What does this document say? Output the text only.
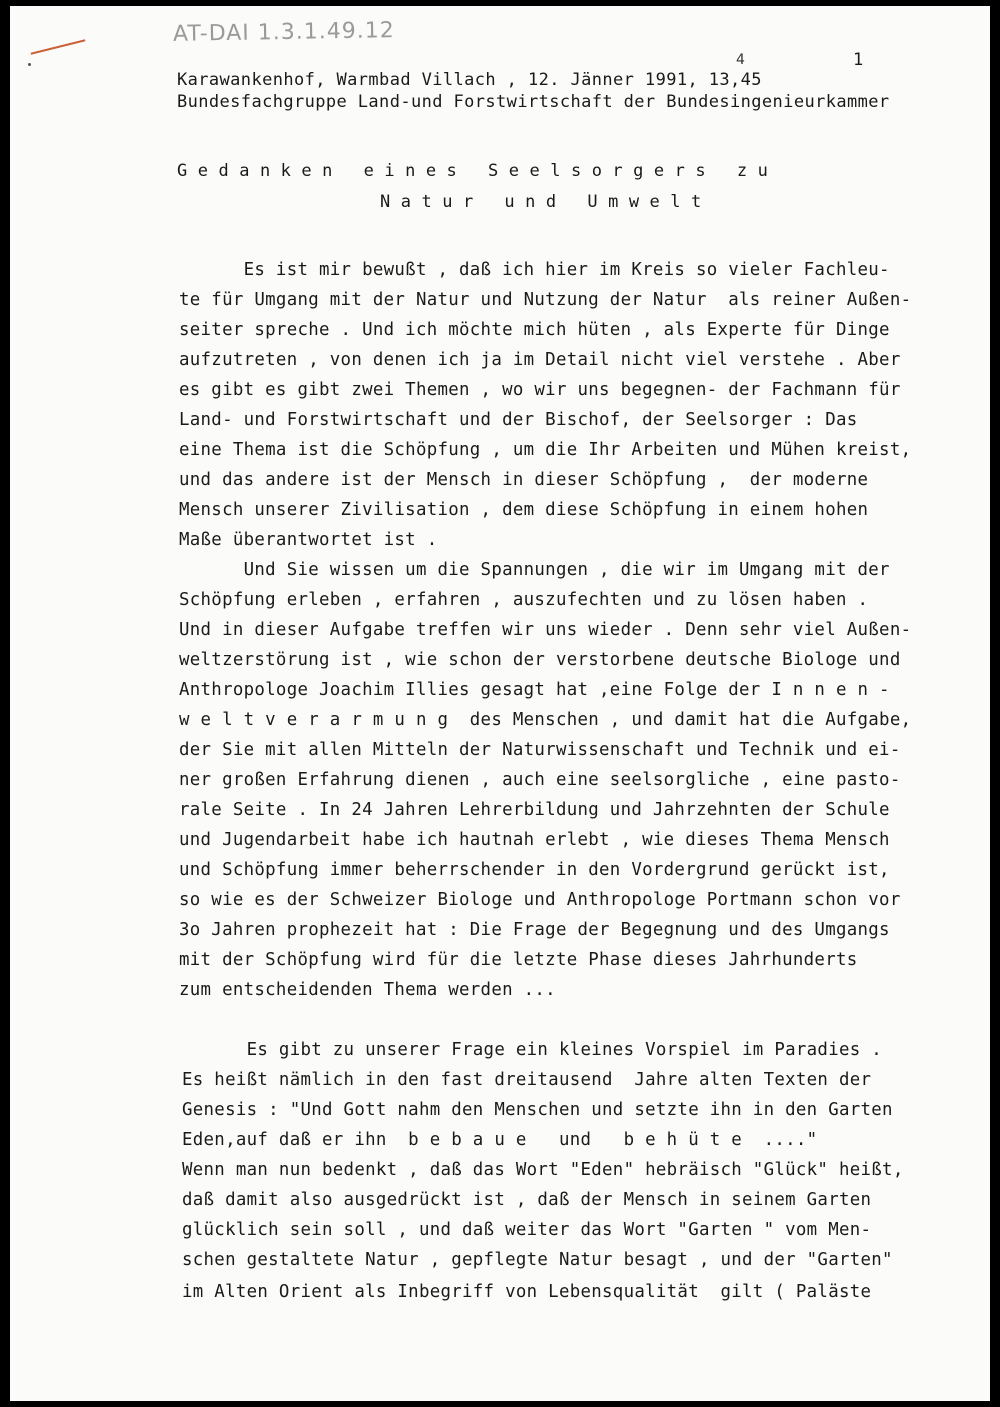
AT-DAI 1.3.1.49.12
1
4
Karawankenhof, Warmbad Villach , 12. Jänner 1991, 13,45
Bundesfachgruppe Land-und Forstwirtschaft der Bundesingenieurkammer
Gedanken eines Seelsorgers zu
Natur und Umwelt
Es ist mir bewußt , daß ich hier im Kreis so vieler Fachleu-
te für Umgang mit der Natur und Nutzung der Natur  als reiner Außen-
seiter spreche . Und ich möchte mich hüten , als Experte für Dinge
aufzutreten , von denen ich ja im Detail nicht viel verstehe . Aber
es gibt es gibt zwei Themen , wo wir uns begegnen- der Fachmann für
Land- und Forstwirtschaft und der Bischof, der Seelsorger : Das
eine Thema ist die Schöpfung , um die Ihr Arbeiten und Mühen kreist,
und das andere ist der Mensch in dieser Schöpfung ,  der moderne
Mensch unserer Zivilisation , dem diese Schöpfung in einem hohen
Maße überantwortet ist .
Und Sie wissen um die Spannungen , die wir im Umgang mit der
Schöpfung erleben , erfahren , auszufechten und zu lösen haben .
Und in dieser Aufgabe treffen wir uns wieder . Denn sehr viel Außen-
weltzerstörung ist , wie schon der verstorbene deutsche Biologe und
Anthropologe Joachim Illies gesagt hat ,eine Folge der I n n e n -
w e l t v e r a r m u n g  des Menschen , und damit hat die Aufgabe,
der Sie mit allen Mitteln der Naturwissenschaft und Technik und ei-
ner großen Erfahrung dienen , auch eine seelsorgliche , eine pasto-
rale Seite . In 24 Jahren Lehrerbildung und Jahrzehnten der Schule
und Jugendarbeit habe ich hautnah erlebt , wie dieses Thema Mensch
und Schöpfung immer beherrschender in den Vordergrund gerückt ist,
so wie es der Schweizer Biologe und Anthropologe Portmann schon vor
3o Jahren prophezeit hat : Die Frage der Begegnung und des Umgangs
mit der Schöpfung wird für die letzte Phase dieses Jahrhunderts
zum entscheidenden Thema werden ...
Es gibt zu unserer Frage ein kleines Vorspiel im Paradies .
Es heißt nämlich in den fast dreitausend  Jahre alten Texten der
Genesis : "Und Gott nahm den Menschen und setzte ihn in den Garten
Eden,auf daß er ihn  b e b a u e   und   b e h ü t e  ...."
Wenn man nun bedenkt , daß das Wort "Eden" hebräisch "Glück" heißt,
daß damit also ausgedrückt ist , daß der Mensch in seinem Garten
glücklich sein soll , und daß weiter das Wort "Garten " vom Men-
schen gestaltete Natur , gepflegte Natur besagt , und der "Garten"
im Alten Orient als Inbegriff von Lebensqualität  gilt ( Paläste
